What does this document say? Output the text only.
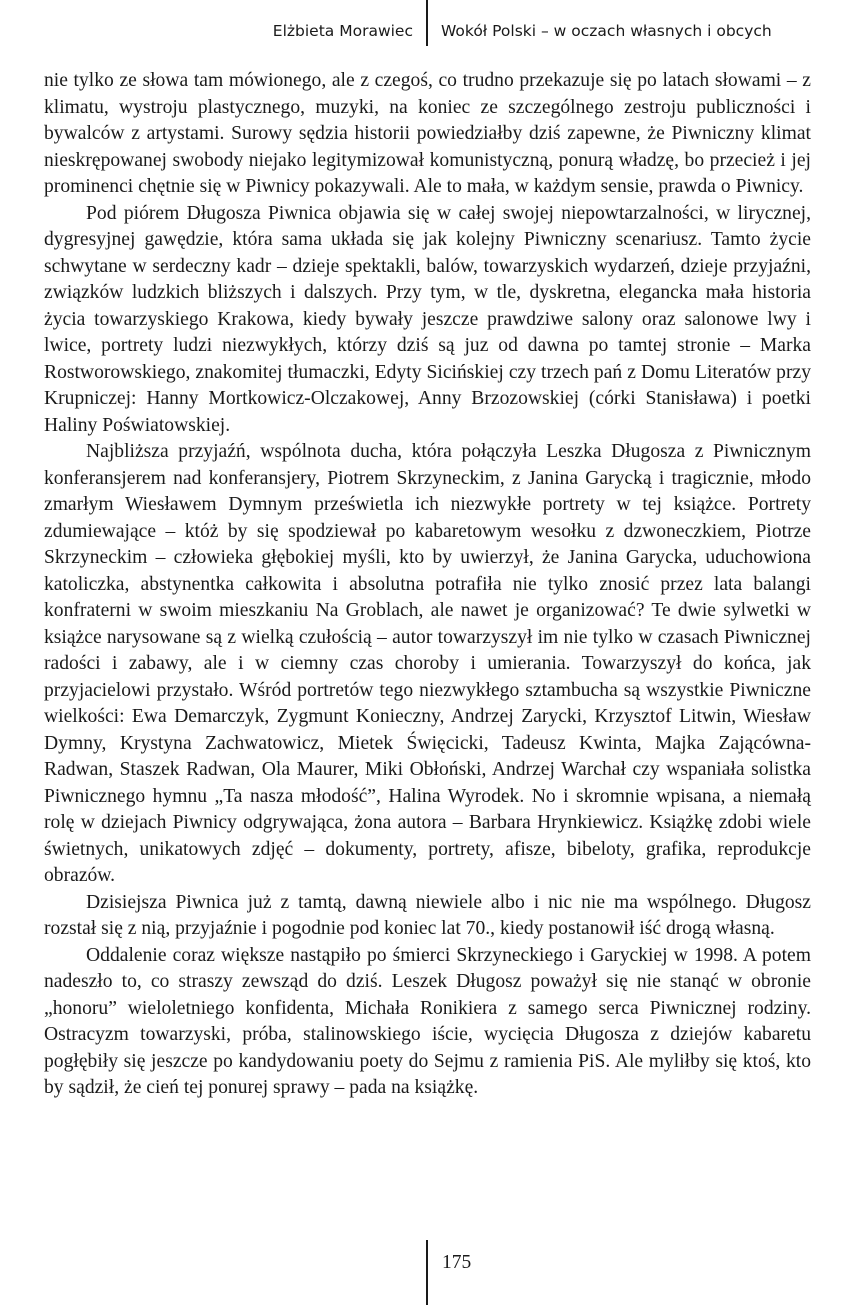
Elżbieta Morawiec Wokół Polski – w oczach własnych i obcych

nie tylko ze słowa tam mówionego, ale z czegoś, co trudno przekazuje się po latach słowami – z klimatu, wystroju plastycznego, muzyki, na koniec ze szczególnego zestroju publiczności i bywalców z artystami. Surowy sędzia historii powiedziałby dziś zapewne, że Piwniczny klimat nieskrępowanej swobody niejako legitymizował komunistyczną, ponurą władzę, bo przecież i jej prominenci chętnie się w Piwnicy pokazywali. Ale to mała, w każdym sensie, prawda o Piwnicy.

Pod piórem Długosza Piwnica objawia się w całej swojej niepowtarzalności, w lirycznej, dygresyjnej gawędzie, która sama układa się jak kolejny Piwniczny scenariusz. Tamto życie schwytane w serdeczny kadr – dzieje spektakli, balów, towarzyskich wydarzeń, dzieje przyjaźni, związków ludzkich bliższych i dalszych. Przy tym, w tle, dyskretna, elegancka mała historia życia towarzyskiego Krakowa, kiedy bywały jeszcze prawdziwe salony oraz salonowe lwy i lwice, portrety ludzi niezwykłych, którzy dziś są juz od dawna po tamtej stronie – Marka Rostworowskiego, znakomitej tłumaczki, Edyty Sicińskiej czy trzech pań z Domu Literatów przy Krupniczej: Hanny Mortkowicz-Olczakowej, Anny Brzozowskiej (córki Stanisława) i poetki Haliny Poświatowskiej.

Najbliższa przyjaźń, wspólnota ducha, która połączyła Leszka Długosza z Piwnicznym konferansjerem nad konferansjery, Piotrem Skrzyneckim, z Janina Garycką i tragicznie, młodo zmarłym Wiesławem Dymnym prześwietla ich niezwykłe portrety w tej książce. Portrety zdumiewające – któż by się spodziewał po kabaretowym wesołku z dzwoneczkiem, Piotrze Skrzyneckim – człowieka głębokiej myśli, kto by uwierzył, że Janina Garycka, uduchowiona katoliczka, abstynentka całkowita i absolutna potrafiła nie tylko znosić przez lata balangi konfraterni w swoim mieszkaniu Na Groblach, ale nawet je organizować? Te dwie sylwetki w książce narysowane są z wielką czułością – autor towarzyszył im nie tylko w czasach Piwnicznej radości i zabawy, ale i w ciemny czas choroby i umierania. Towarzyszył do końca, jak przyjacielowi przystało. Wśród portretów tego niezwykłego sztambucha są wszystkie Piwniczne wielkości: Ewa Demarczyk, Zygmunt Konieczny, Andrzej Zarycki, Krzysztof Litwin, Wiesław Dymny, Krystyna Zachwatowicz, Mietek Święcicki, Tadeusz Kwinta, Majka Zającówna-Radwan, Staszek Radwan, Ola Maurer, Miki Obłoński, Andrzej Warchał czy wspaniała solistka Piwnicznego hymnu „Ta nasza młodość”, Halina Wyrodek. No i skromnie wpisana, a niemałą rolę w dziejach Piwnicy odgrywająca, żona autora – Barbara Hrynkiewicz. Książkę zdobi wiele świetnych, unikatowych zdjęć – dokumenty, portrety, afisze, bibeloty, grafika, reprodukcje obrazów.

Dzisiejsza Piwnica już z tamtą, dawną niewiele albo i nic nie ma wspólnego. Długosz rozstał się z nią, przyjaźnie i pogodnie pod koniec lat 70., kiedy postanowił iść drogą własną.

Oddalenie coraz większe nastąpiło po śmierci Skrzyneckiego i Garyckiej w 1998. A potem nadeszło to, co straszy zewsząd do dziś. Leszek Długosz poważył się nie stanąć w obronie „honoru” wieloletniego konfidenta, Michała Ronikiera z samego serca Piwnicznej rodziny. Ostracyzm towarzyski, próba, stalinowskiego iście, wycięcia Długosza z dziejów kabaretu pogłębiły się jeszcze po kandydowaniu poety do Sejmu z ramienia PiS. Ale myliłby się ktoś, kto by sądził, że cień tej ponurej sprawy – pada na książkę.

175
